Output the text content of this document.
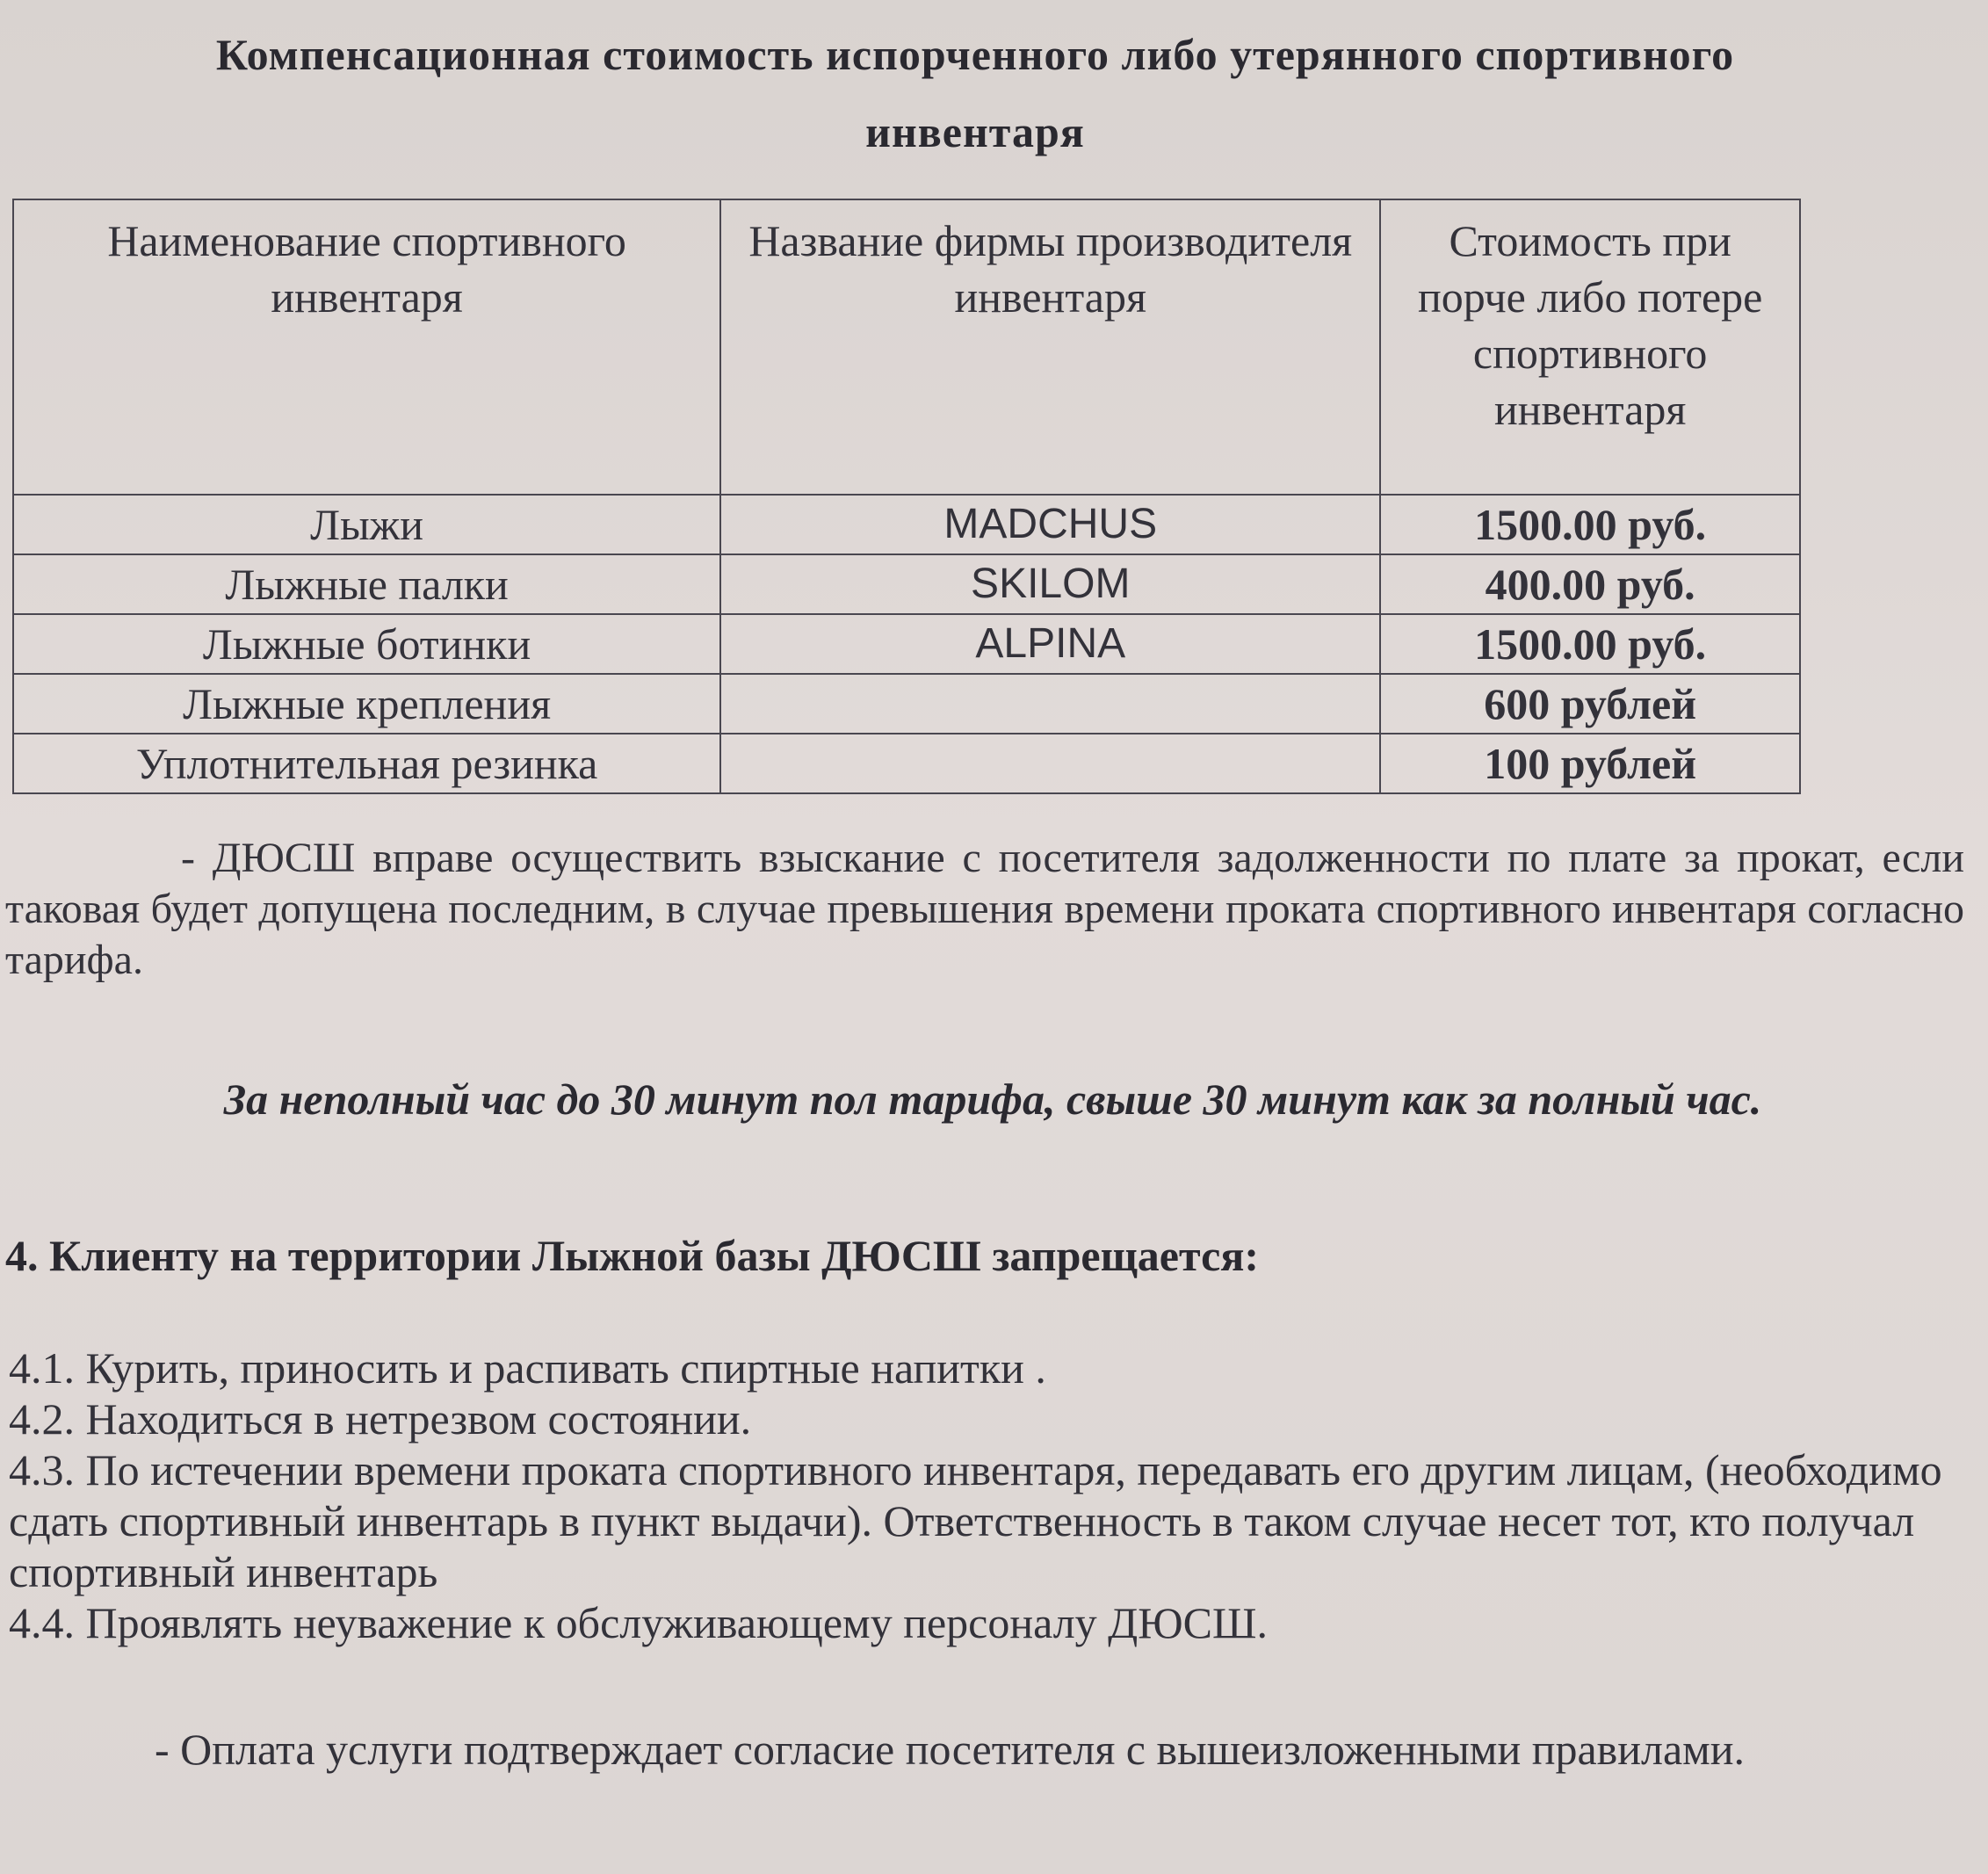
Компенсационная стоимость испорченного либо утерянного спортивного
инвентаря
Наименование спортивного инвентаря	Название фирмы производителя инвентаря	Стоимость при порче либо потере спортивного инвентаря
Лыжи	MADCHUS	1500.00 руб.
Лыжные палки	SKILOM	400.00 руб.
Лыжные ботинки	ALPINA	1500.00 руб.
Лыжные крепления		600 рублей
Уплотнительная резинка		100 рублей
- ДЮСШ вправе осуществить взыскание с посетителя задолженности по плате за прокат, если таковая будет допущена последним, в случае превышения времени проката спортивного инвентаря согласно тарифа.
За неполный час до 30 минут пол тарифа, свыше 30 минут как за полный час.
4. Клиенту на территории Лыжной базы ДЮСШ запрещается:

4.1. Курить, приносить и распивать спиртные напитки .

4.2. Находиться в нетрезвом состоянии.

4.3. По истечении времени проката спортивного инвентаря, передавать его другим лицам, (необходимо сдать спортивный инвентарь в пункт выдачи). Ответственность в таком случае несет тот, кто получал спортивный инвентарь

4.4. Проявлять неуважение к обслуживающему персоналу ДЮСШ.

- Оплата услуги подтверждает согласие посетителя с вышеизложенными правилами.
